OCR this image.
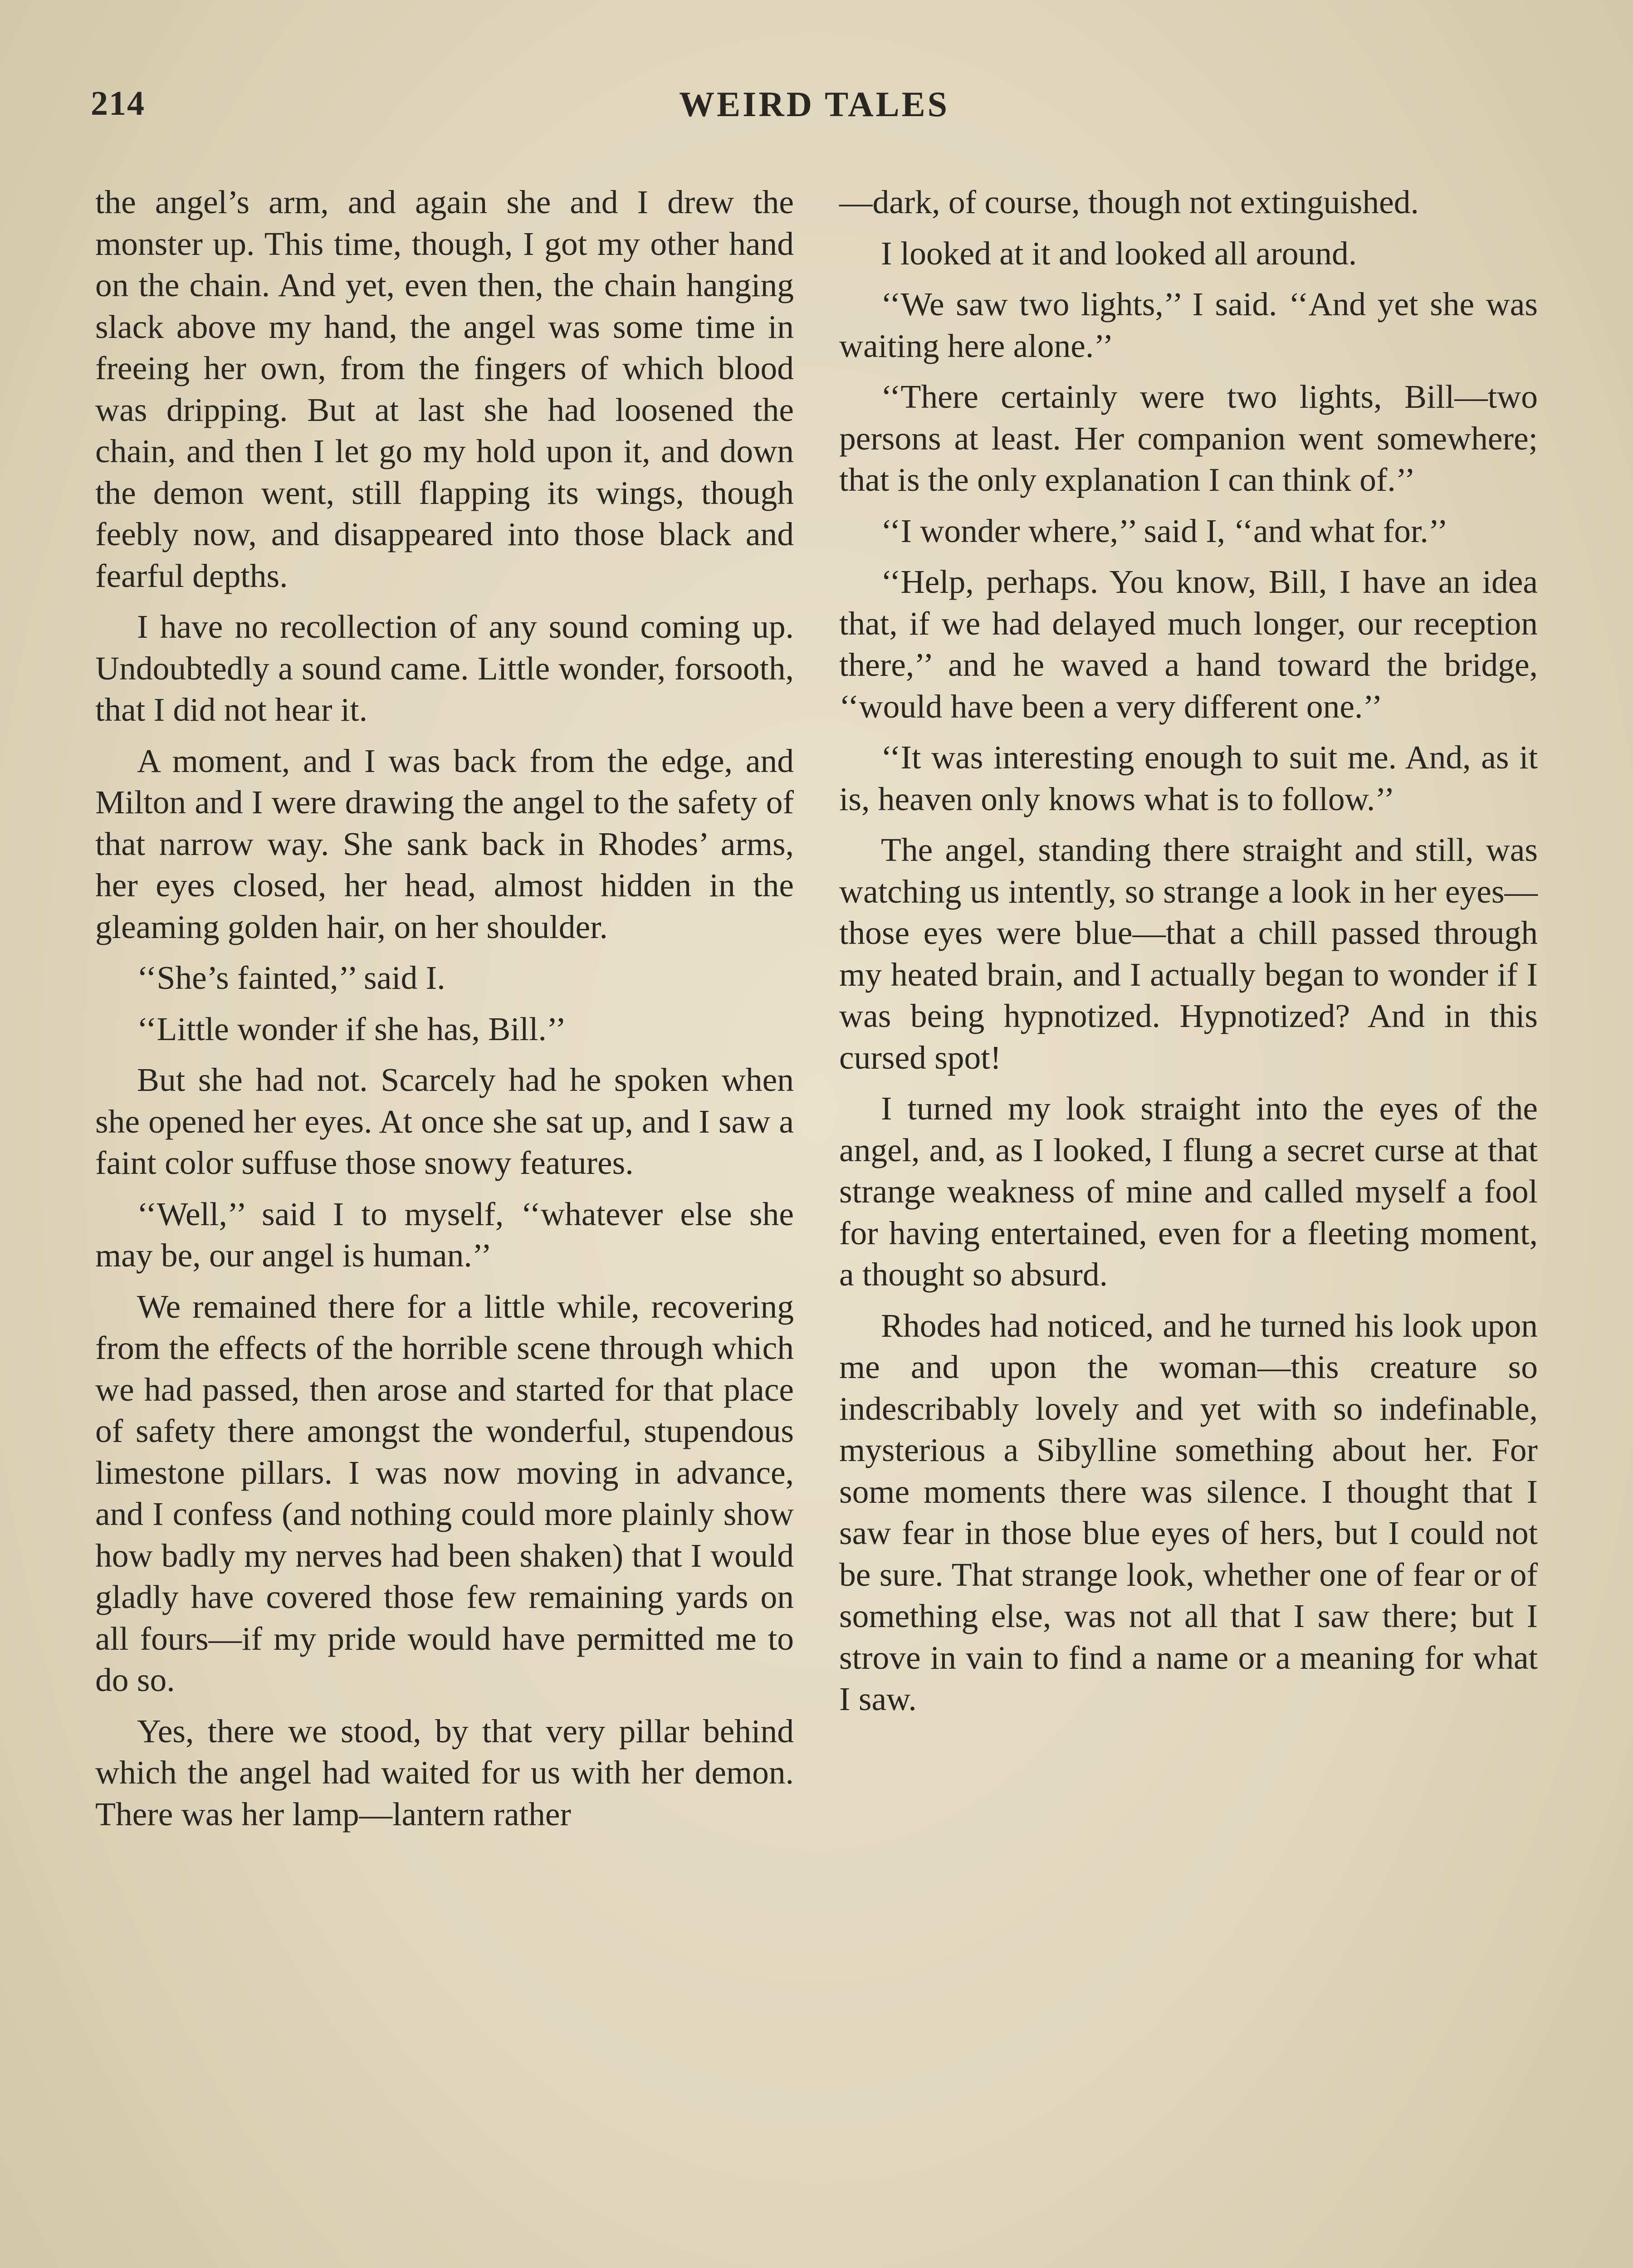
214	WEIRD TALES

the angel’s arm, and again she and I drew the monster up. This time, though, I got my other hand on the chain. And yet, even then, the chain hanging slack above my hand, the angel was some time in freeing her own, from the fingers of which blood was dripping. But at last she had loosened the chain, and then I let go my hold upon it, and down the demon went, still flapping its wings, though feebly now, and disappeared into those black and fearful depths.

I have no recollection of any sound coming up. Undoubtedly a sound came. Little wonder, forsooth, that I did not hear it.

A moment, and I was back from the edge, and Milton and I were drawing the angel to the safety of that narrow way. She sank back in Rhodes’ arms, her eyes closed, her head, almost hidden in the gleaming golden hair, on her shoulder.

‘‘She’s fainted,’’ said I.

‘‘Little wonder if she has, Bill.’’

But she had not. Scarcely had he spoken when she opened her eyes. At once she sat up, and I saw a faint color suffuse those snowy features.

‘‘Well,’’ said I to myself, ‘‘whatever else she may be, our angel is human.’’

We remained there for a little while, recovering from the effects of the horrible scene through which we had passed, then arose and started for that place of safety there amongst the wonderful, stupendous limestone pillars. I was now moving in advance, and I confess (and nothing could more plainly show how badly my nerves had been shaken) that I would gladly have covered those few remaining yards on all fours—if my pride would have permitted me to do so.

Yes, there we stood, by that very pillar behind which the angel had waited for us with her demon. There was her lamp—lantern rather

—dark, of course, though not extinguished.

I looked at it and looked all around.

‘‘We saw two lights,’’ I said. ‘‘And yet she was waiting here alone.’’

‘‘There certainly were two lights, Bill—two persons at least. Her companion went somewhere; that is the only explanation I can think of.’’

‘‘I wonder where,’’ said I, ‘‘and what for.’’

‘‘Help, perhaps. You know, Bill, I have an idea that, if we had delayed much longer, our reception there,’’ and he waved a hand toward the bridge, ‘‘would have been a very different one.’’

‘‘It was interesting enough to suit me. And, as it is, heaven only knows what is to follow.’’

The angel, standing there straight and still, was watching us intently, so strange a look in her eyes—those eyes were blue—that a chill passed through my heated brain, and I actually began to wonder if I was being hypnotized. Hypnotized? And in this cursed spot!

I turned my look straight into the eyes of the angel, and, as I looked, I flung a secret curse at that strange weakness of mine and called myself a fool for having entertained, even for a fleeting moment, a thought so absurd.

Rhodes had noticed, and he turned his look upon me and upon the woman—this creature so indescribably lovely and yet with so indefinable, mysterious a Sibylline something about her. For some moments there was silence. I thought that I saw fear in those blue eyes of hers, but I could not be sure. That strange look, whether one of fear or of something else, was not all that I saw there; but I strove in vain to find a name or a meaning for what I saw.
